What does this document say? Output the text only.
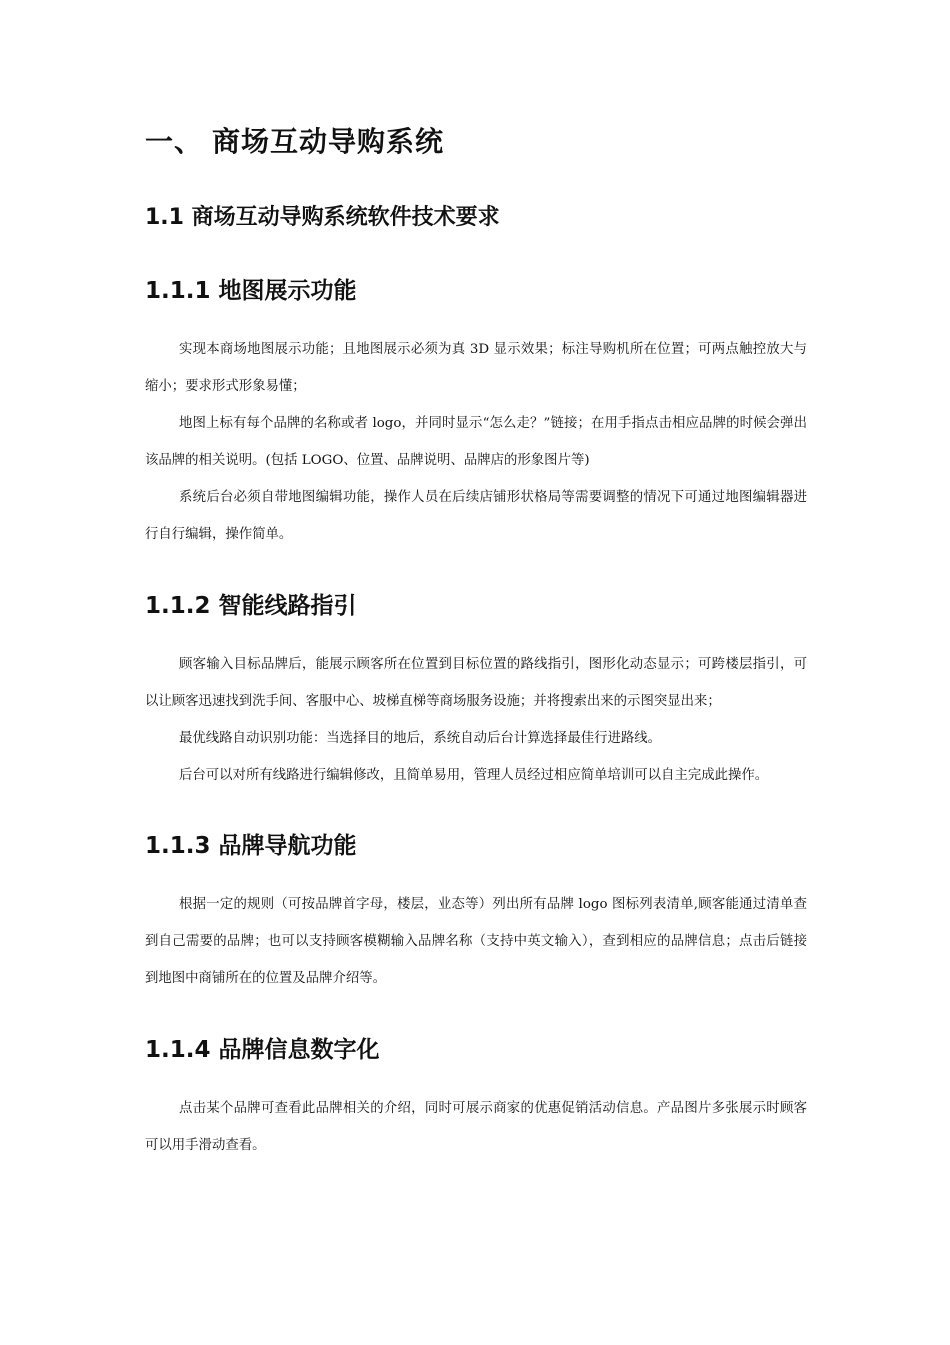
一、 商场互动导购系统
1.1 商场互动导购系统软件技术要求
1.1.1 地图展示功能

实现本商场地图展示功能；且地图展示必须为真 3D 显示效果；标注导购机所在位置；可两点触控放大与缩小；要求形式形象易懂；

地图上标有每个品牌的名称或者 logo，并同时显示“怎么走？”链接；在用手指点击相应品牌的时候会弹出该品牌的相关说明。(包括 LOGO、位置、品牌说明、品牌店的形象图片等)

系统后台必须自带地图编辑功能，操作人员在后续店铺形状格局等需要调整的情况下可通过地图编辑器进行自行编辑，操作简单。

1.1.2 智能线路指引

顾客输入目标品牌后，能展示顾客所在位置到目标位置的路线指引，图形化动态显示；可跨楼层指引，可以让顾客迅速找到洗手间、客服中心、坡梯直梯等商场服务设施；并将搜索出来的示图突显出来；

最优线路自动识别功能：当选择目的地后，系统自动后台计算选择最佳行进路线。

后台可以对所有线路进行编辑修改，且简单易用，管理人员经过相应简单培训可以自主完成此操作。

1.1.3 品牌导航功能

根据一定的规则（可按品牌首字母，楼层，业态等）列出所有品牌 logo 图标列表清单,顾客能通过清单查到自己需要的品牌；也可以支持顾客模糊输入品牌名称（支持中英文输入），查到相应的品牌信息；点击后链接到地图中商铺所在的位置及品牌介绍等。

1.1.4 品牌信息数字化

点击某个品牌可查看此品牌相关的介绍，同时可展示商家的优惠促销活动信息。产品图片多张展示时顾客可以用手滑动查看。
